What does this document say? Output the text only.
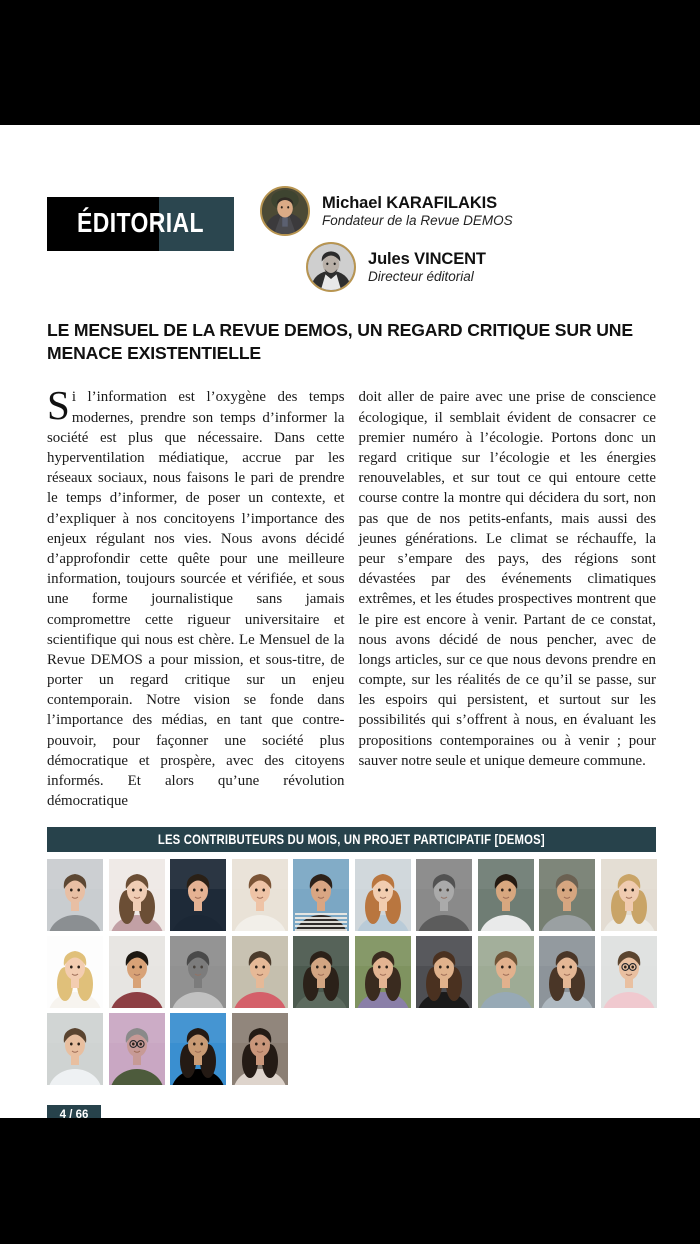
ÉDITORIAL
Michael KARAFILAKIS
Fondateur de la Revue DEMOS
Jules VINCENT
Directeur éditorial
LE MENSUEL DE LA REVUE DEMOS, UN REGARD CRITIQUE SUR UNE MENACE EXISTENTIELLE

Si l’information est l’oxygène des temps modernes, prendre son temps d’informer la société est plus que nécessaire. Dans cette hyperventilation médiatique, accrue par les réseaux sociaux, nous faisons le pari de prendre le temps d’informer, de poser un contexte, et d’expliquer à nos concitoyens l’importance des enjeux régulant nos vies. Nous avons décidé d’approfondir cette quête pour une meilleure information, toujours sourcée et vérifiée, et sous une forme journalistique sans jamais compromettre cette rigueur universitaire et scientifique qui nous est chère. Le Mensuel de la Revue DEMOS a pour mission, et sous-titre, de porter un regard critique sur un enjeu contemporain. Notre vision se fonde dans l’importance des médias, en tant que contre-pouvoir, pour façonner une société plus démocratique et prospère, avec des citoyens informés. Et alors qu’une révolution démocratique

doit aller de paire avec une prise de conscience écologique, il semblait évident de consacrer ce premier numéro à l’écologie. Portons donc un regard critique sur l’écologie et les énergies renouvelables, et sur tout ce qui entoure cette course contre la montre qui décidera du sort, non pas que de nos petits-enfants, mais aussi des jeunes générations. Le climat se réchauffe, la peur s’empare des pays, des régions sont dévastées par des événements climatiques extrêmes, et les études prospectives montrent que le pire est encore à venir. Partant de ce constat, nous avons décidé de nous pencher, avec de longs articles, sur ce que nous devons prendre en compte, sur les réalités de ce qu’il se passe, sur les espoirs qui persistent, et surtout sur les possibilités qui s’offrent à nous, en évaluant les propositions contemporaines ou à venir ; pour sauver notre seule et unique demeure commune.

LES CONTRIBUTEURS DU MOIS, UN PROJET PARTICIPATIF [DEMOS]
4 / 66
